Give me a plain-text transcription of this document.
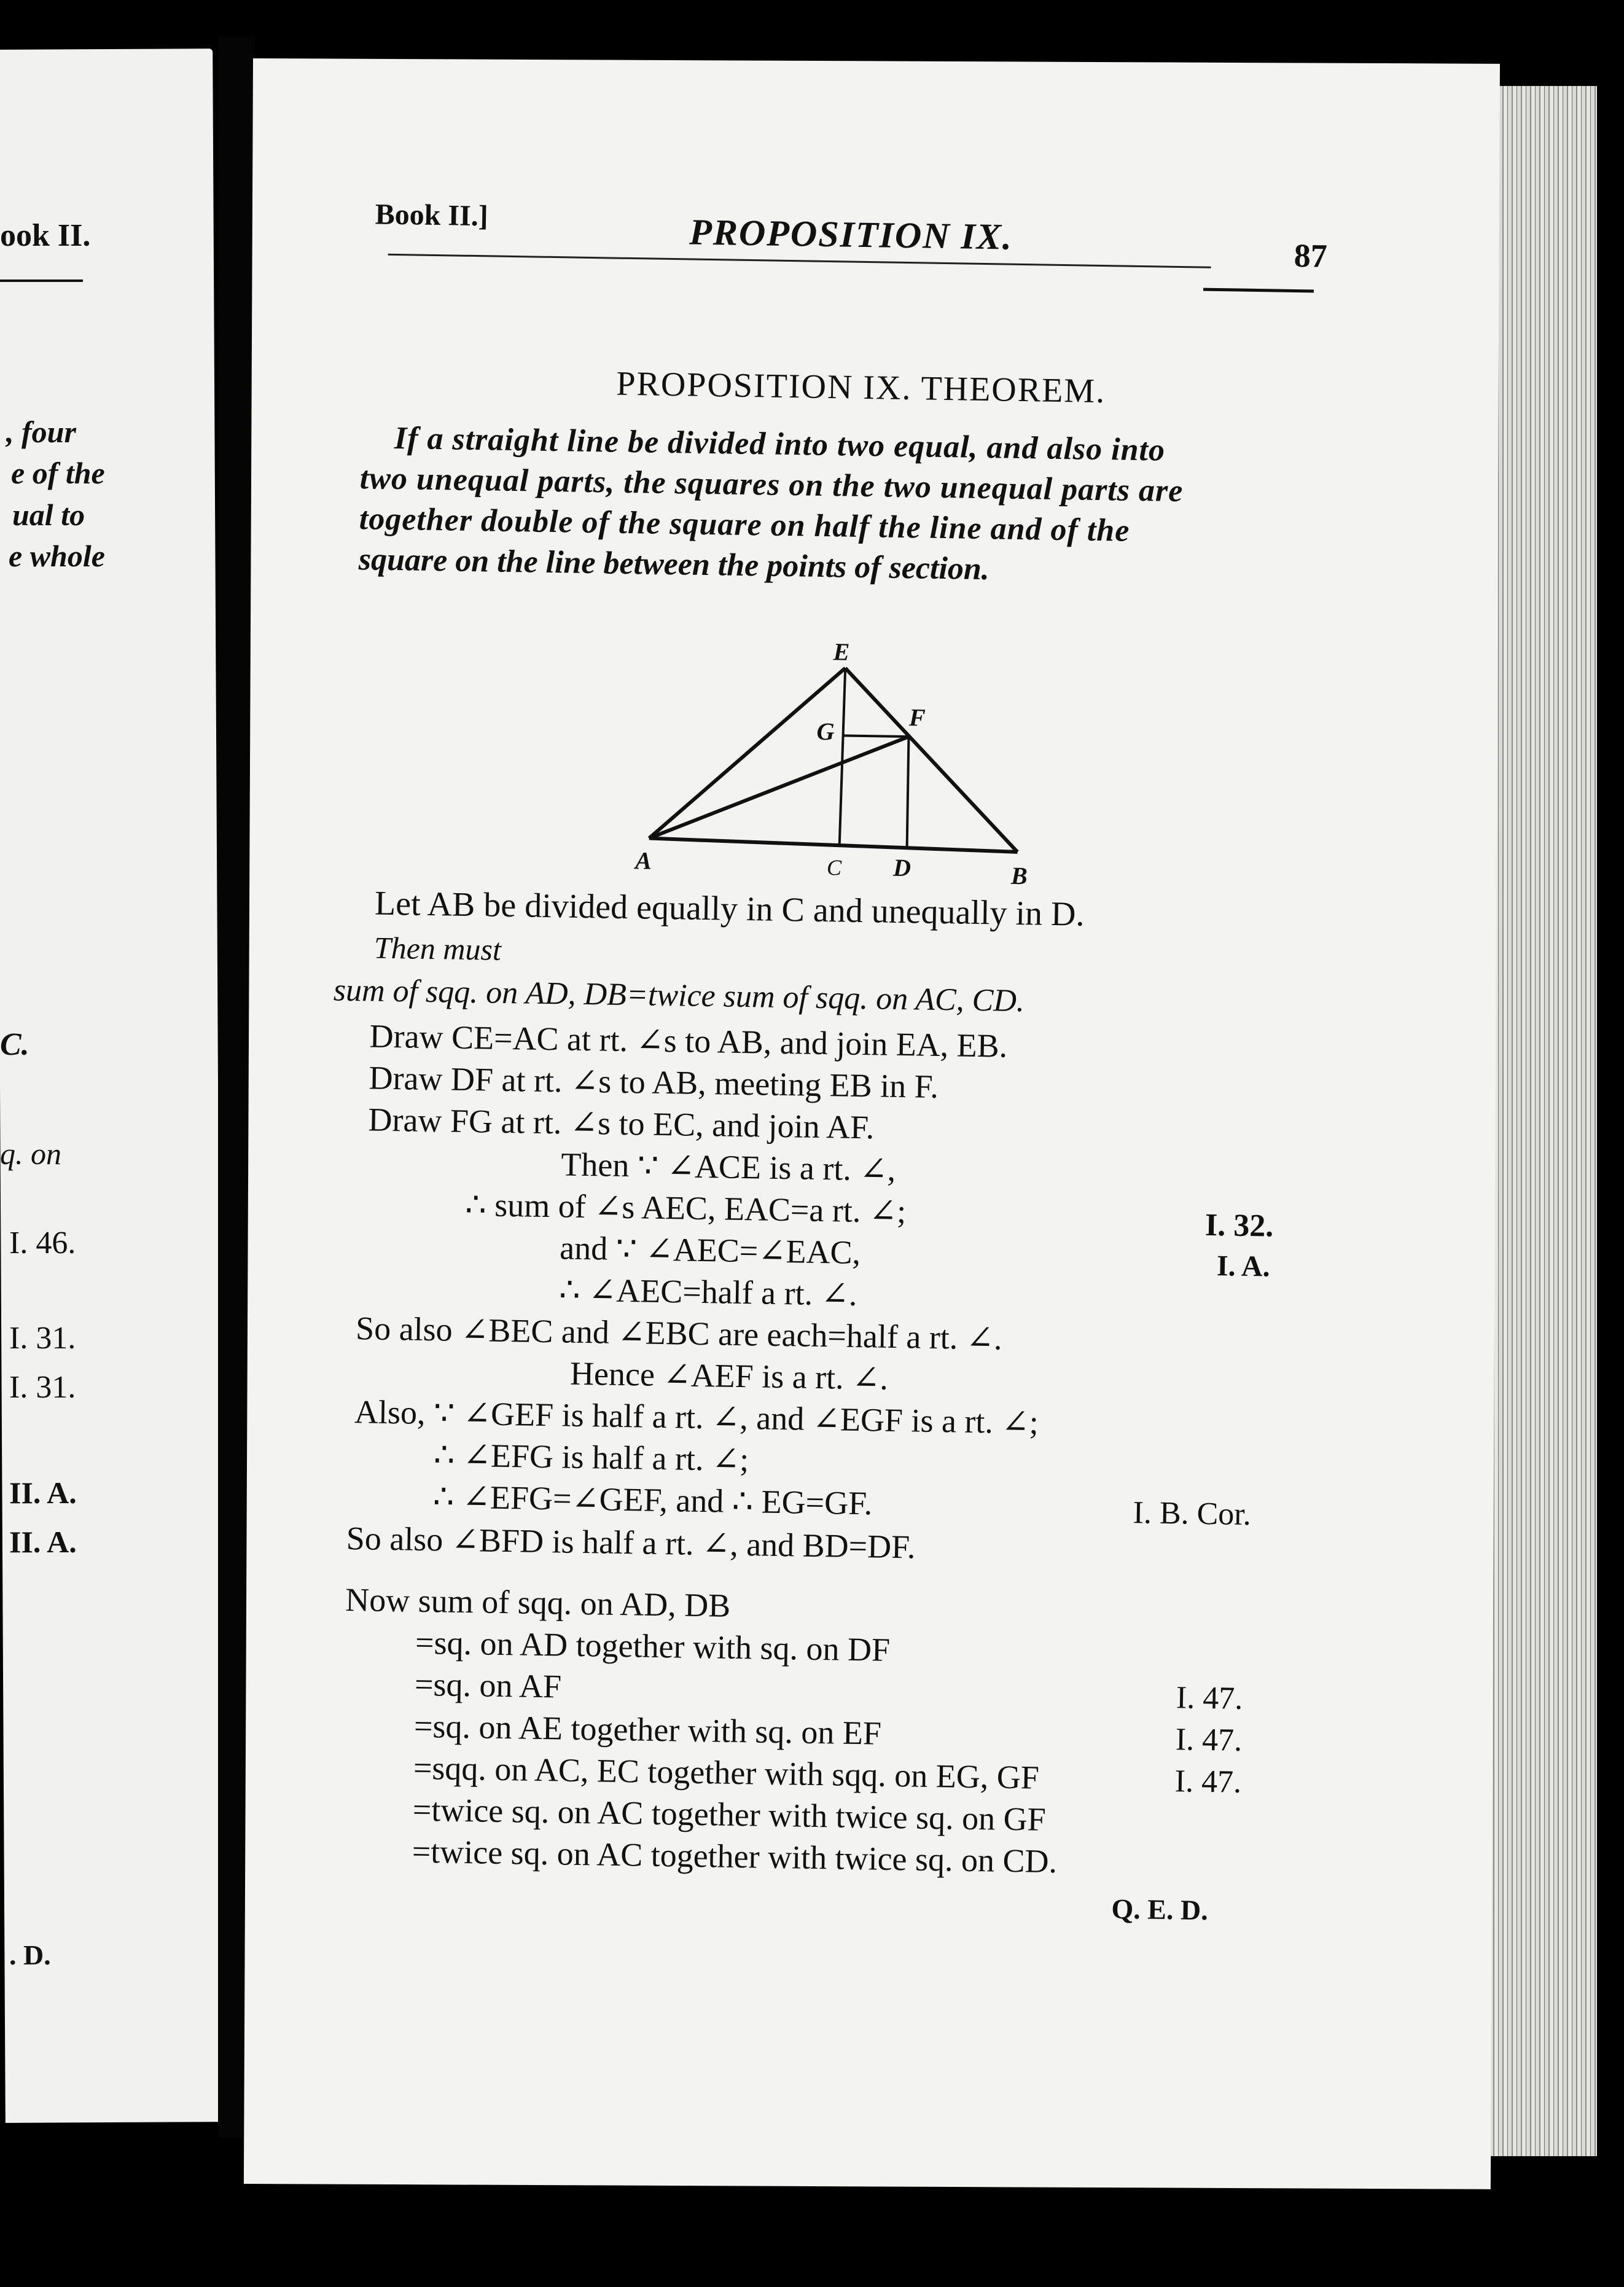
ook II.
, four
e of the
ual to
e whole
C.
q. on
I. 46.
I. 31.
I. 31.
II. A.
II. A.
. D.
Book II.]	PROPOSITION IX.	87
PROPOSITION IX. THEOREM.
If a straight line be divided into two equal, and also into
two unequal parts, the squares on the two unequal parts are
together double of the square on half the line and of the
square on the line between the points of section.
E
G	F
A	C D	B
Let AB be divided equally in C and unequally in D.
Then must
sum of sqq. on AD, DB=twice sum of sqq. on AC, CD.
Draw CE=AC at rt. ∠s to AB, and join EA, EB.
Draw DF at rt. ∠s to AB, meeting EB in F.
Draw FG at rt. ∠s to EC, and join AF.
Then ∵ ∠ACE is a rt. ∠,
∴ sum of ∠s AEC, EAC=a rt. ∠;
and ∵ ∠AEC=∠EAC,
∴ ∠AEC=half a rt. ∠.
So also ∠BEC and ∠EBC are each=half a rt. ∠.
Hence ∠AEF is a rt. ∠.
Also, ∵ ∠GEF is half a rt. ∠, and ∠EGF is a rt. ∠;
∴ ∠EFG is half a rt. ∠;
∴ ∠EFG=∠GEF, and ∴ EG=GF.
So also ∠BFD is half a rt. ∠, and BD=DF.
Now sum of sqq. on AD, DB
=sq. on AD together with sq. on DF
=sq. on AF
=sq. on AE together with sq. on EF
=sqq. on AC, EC together with sqq. on EG, GF
=twice sq. on AC together with twice sq. on GF
=twice sq. on AC together with twice sq. on CD.
I. 32.
I. A.
I. B. Cor.
I. 47.
I. 47.
I. 47.
Q. E. D.
